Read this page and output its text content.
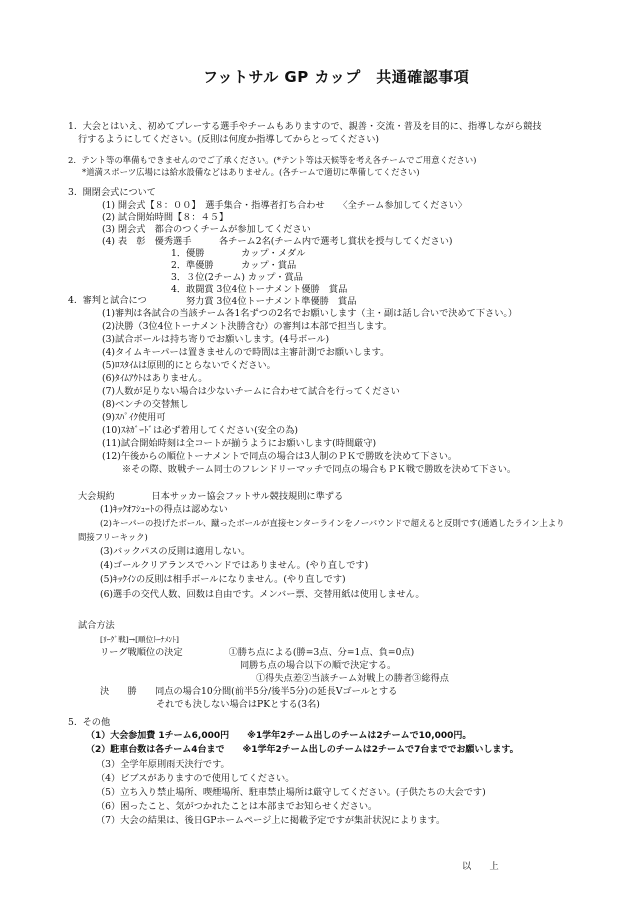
フットサル GP カップ　共通確認事項
1.  大会とはいえ、初めてプレーする選手やチームもありますので、親善・交流・普及を目的に、指導しながら競技
行するようにしてください。(反則は何度か指導してからとってください)
2.  テント等の準備もできませんのでご了承ください。(*テント等は天候等を考え各チームでご用意ください)
*道満スポーツ広場には給水設備などはありません。(各チームで適切に準備してください)
3.  開閉会式について
(1) 開会式【８：００】　選手集合・指導者打ち合わせ　　〈全チーム参加してください〉
(2) 試合開始時間【８：４５】
(3) 閉会式　都合のつくチームが参加してください
(4) 表　彰　優秀選手　　　各チーム2名(チーム内で選考し賞状を授与してください)
1．優勝　　　　カップ・メダル
2．準優勝　　　カップ・賞品
3．３位(2チーム) カップ・賞品
4．敢闘賞 3位4位トーナメント優勝　賞品
努力賞 3位4位トーナメント準優勝　賞品
4.  審判と試合につ
(1)審判は各試合の当該チーム各1名ずつの2名でお願いします（主・副は話し合いで決めて下さい。）
(2)決勝（3位4位トーナメント決勝含む）の審判は本部で担当します。
(3)試合ボールは持ち寄りでお願いします。(4号ボール)
(4)タイムキーパーは置きませんので時間は主審計測でお願いします。
(5)ﾛｽﾀｲﾑは原則的にとらないでください。
(6)ﾀｲﾑｱｳﾄはありません。
(7)人数が足りない場合は少ないチームに合わせて試合を行ってください
(8)ベンチの交替無し
(9)ｽﾊﾟｲｸ使用可
(10)ｽﾈｶﾞｰﾄﾞは必ず着用してください(安全の為)
(11)試合開始時刻は全コートが揃うようにお願いします(時間厳守)
(12)午後からの順位トーナメントで同点の場合は3人制のＰＫで勝敗を決めて下さい。
※その際、敗戦チーム同士のフレンドリーマッチで同点の場合もＰＫ戦で勝敗を決めて下さい。
大会規約　　　　日本サッカー協会フットサル競技規則に準ずる
(1)ｷｯｸｵﾌｼｭｰﾄの得点は認めない
(2)キーパーの投げたボール、蹴ったボールが直接センターラインをノーバウンドで超えると反則です(通過したライン上より
間接フリーキック)
(3)バックパスの反則は適用しない。
(4)ゴールクリアランスでハンドではありません。(やり直しです)
(5)ｷｯｸｲﾝの反則は相手ボールになりません。(やり直しです)
(6)選手の交代人数、回数は自由です。メンバー票、交替用紙は使用しません。
試合方法
[ﾘｰｸﾞ戦]→[順位ﾄｰﾅﾒﾝﾄ]
リーグ戦順位の決定　　　　　①勝ち点による(勝=3点、分=1点、負=0点)
同勝ち点の場合以下の順で決定する。
①得失点差②当該チーム対戦上の勝者③総得点
決　　勝　　同点の場合10分間(前半5分/後半5分)の延長Vゴールとする
それでも決しない場合はPKとする(3名)
5.  その他
（1）大会参加費 1チーム6,000円　　※1学年2チーム出しのチームは2チームで10,000円。
（2）駐車台数は各チーム4台まで　　※1学年2チーム出しのチームは2チームで7台まででお願いします。
（3）全学年原則雨天決行です。
（4）ビブスがありますので使用してください。
（5）立ち入り禁止場所、喫煙場所、駐車禁止場所は厳守してください。(子供たちの大会です)
（6）困ったこと、気がつかれたことは本部までお知らせください。
（7）大会の結果は、後日GPホームページ上に掲載予定ですが集計状況によります。
以　　上
